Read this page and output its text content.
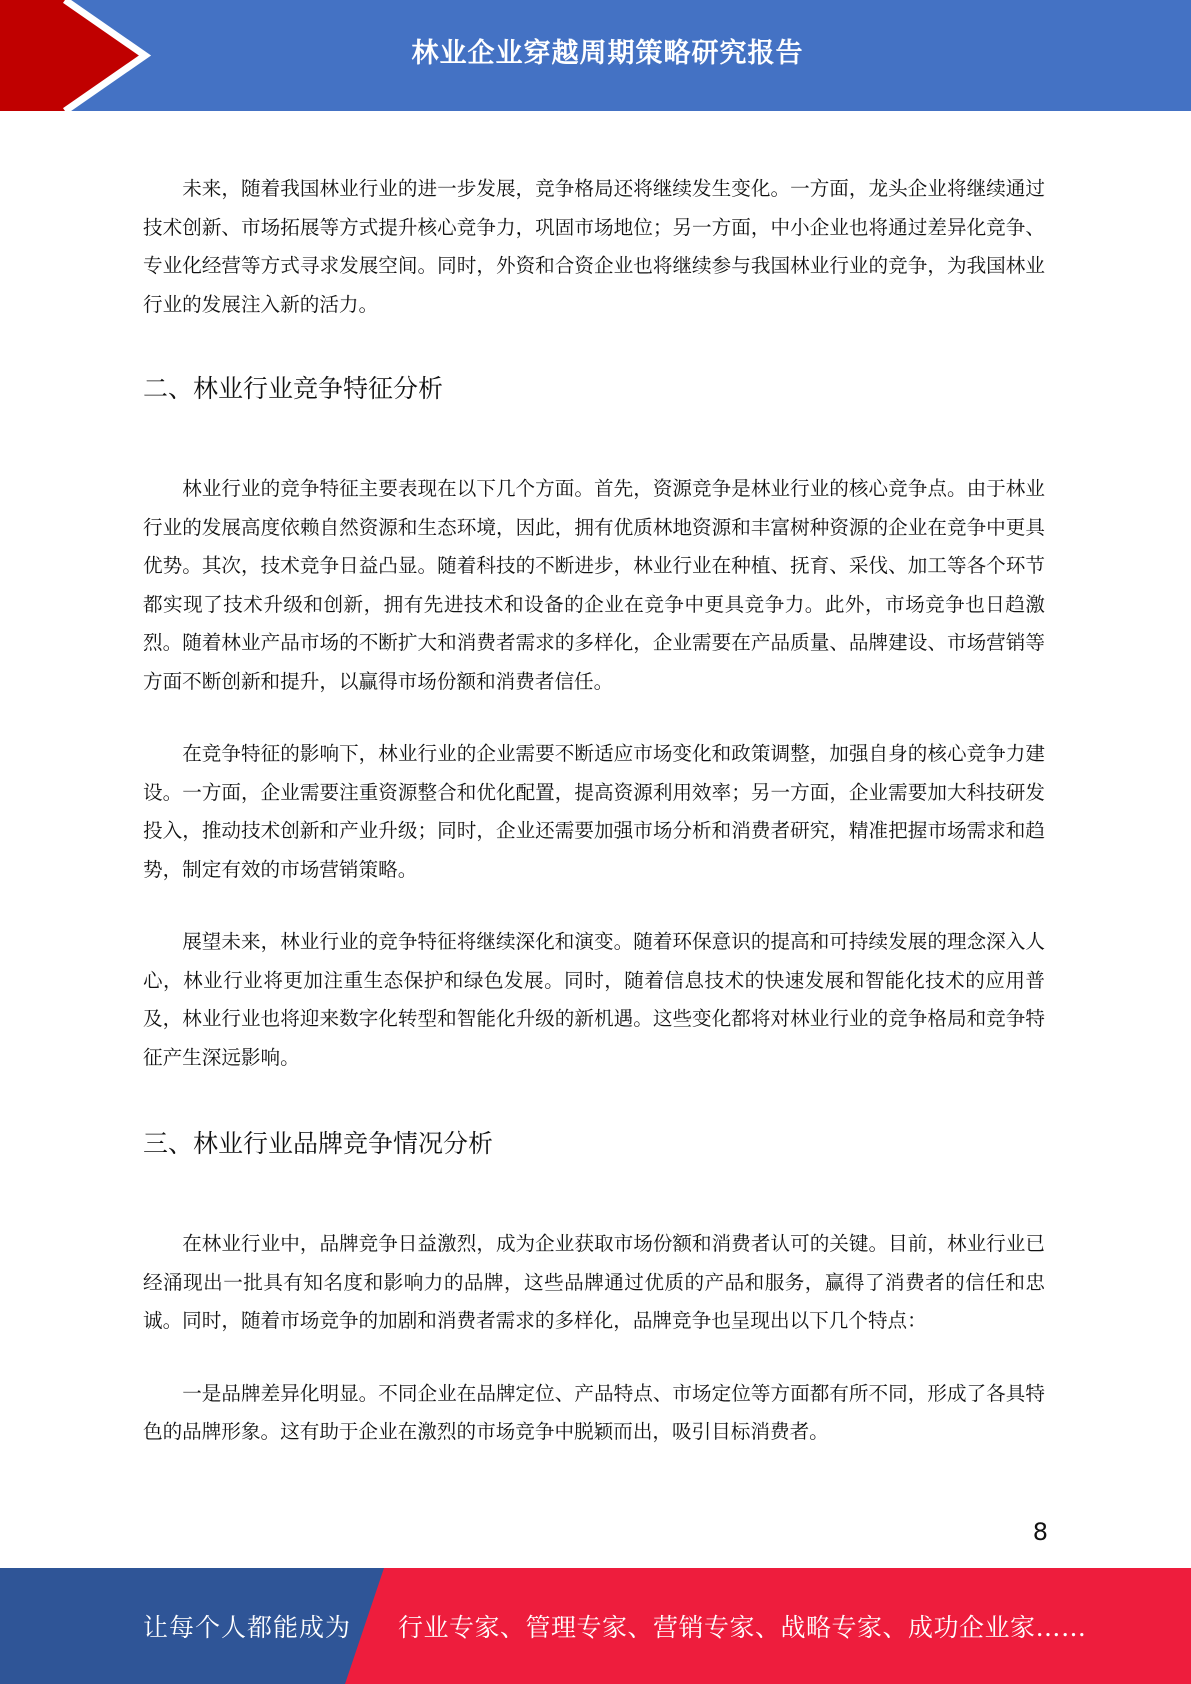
林业企业穿越周期策略研究报告

未来，随着我国林业行业的进一步发展，竞争格局还将继续发生变化。一方面，龙头企业将继续通过技术创新、市场拓展等方式提升核心竞争力，巩固市场地位；另一方面，中小企业也将通过差异化竞争、专业化经营等方式寻求发展空间。同时，外资和合资企业也将继续参与我国林业行业的竞争，为我国林业行业的发展注入新的活力。

二、林业行业竞争特征分析

林业行业的竞争特征主要表现在以下几个方面。首先，资源竞争是林业行业的核心竞争点。由于林业行业的发展高度依赖自然资源和生态环境，因此，拥有优质林地资源和丰富树种资源的企业在竞争中更具优势。其次，技术竞争日益凸显。随着科技的不断进步，林业行业在种植、抚育、采伐、加工等各个环节都实现了技术升级和创新，拥有先进技术和设备的企业在竞争中更具竞争力。此外，市场竞争也日趋激烈。随着林业产品市场的不断扩大和消费者需求的多样化，企业需要在产品质量、品牌建设、市场营销等方面不断创新和提升，以赢得市场份额和消费者信任。

在竞争特征的影响下，林业行业的企业需要不断适应市场变化和政策调整，加强自身的核心竞争力建设。一方面，企业需要注重资源整合和优化配置，提高资源利用效率；另一方面，企业需要加大科技研发投入，推动技术创新和产业升级；同时，企业还需要加强市场分析和消费者研究，精准把握市场需求和趋势，制定有效的市场营销策略。

展望未来，林业行业的竞争特征将继续深化和演变。随着环保意识的提高和可持续发展的理念深入人心，林业行业将更加注重生态保护和绿色发展。同时，随着信息技术的快速发展和智能化技术的应用普及，林业行业也将迎来数字化转型和智能化升级的新机遇。这些变化都将对林业行业的竞争格局和竞争特征产生深远影响。

三、林业行业品牌竞争情况分析

在林业行业中，品牌竞争日益激烈，成为企业获取市场份额和消费者认可的关键。目前，林业行业已经涌现出一批具有知名度和影响力的品牌，这些品牌通过优质的产品和服务，赢得了消费者的信任和忠诚。同时，随着市场竞争的加剧和消费者需求的多样化，品牌竞争也呈现出以下几个特点：

一是品牌差异化明显。不同企业在品牌定位、产品特点、市场定位等方面都有所不同，形成了各具特色的品牌形象。这有助于企业在激烈的市场竞争中脱颖而出，吸引目标消费者。

8
让每个人都能成为 行业专家、管理专家、营销专家、战略专家、成功企业家……
